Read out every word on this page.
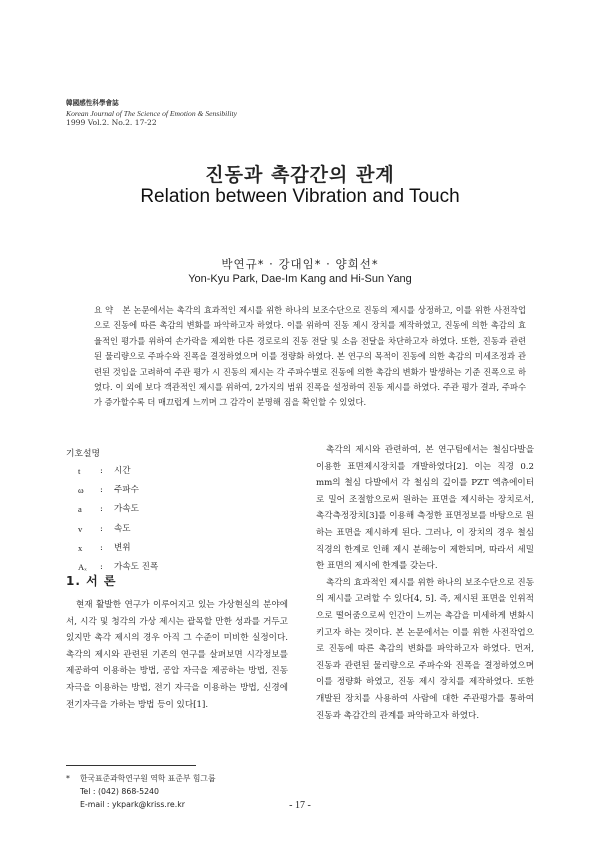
韓國感性科學會誌
Korean Journal of The Science of Emotion & Sensibility
1999 Vol.2. No.2. 17-22
진동과 촉감간의 관계
Relation between Vibration and Touch
박연규* · 강대임* · 양희선*
Yon-Kyu Park, Dae-Im Kang and Hi-Sun Yang
요 약 본 논문에서는 촉각의 효과적인 제시를 위한 하나의 보조수단으로 진동의 제시를 상정하고, 이를 위한 사전작업으로 진동에 따른 촉감의 변화를 파악하고자 하였다. 이를 위하여 진동 제시 장치를 제작하였고, 진동에 의한 촉감의 효율적인 평가를 위하여 손가락을 제외한 다른 경로로의 진동 전달 및 소음 전달을 차단하고자 하였다. 또한, 진동과 관련된 물리량으로 주파수와 진폭을 결정하였으며 이를 정량화 하였다. 본 연구의 목적이 진동에 의한 촉감의 미세조정과 관련된 것임을 고려하여 주관 평가 시 진동의 제시는 각 주파수별로 진동에 의한 촉감의 변화가 발생하는 기준 진폭으로 하였다. 이 외에 보다 객관적인 제시를 위하여, 2가지의 범위 진폭을 설정하여 진동 제시를 하였다. 주관 평가 결과, 주파수가 증가할수록 더 매끄럽게 느끼며 그 감각이 분명해 짐을 확인할 수 있었다.
기호설명
t	:	시간
ω	:	주파수
a	:	가속도
v	:	속도
x	:	변위
Aₓ	:	가속도 진폭
1. 서 론

현재 활발한 연구가 이루어지고 있는 가상현실의 분야에서, 시각 및 청각의 가상 제시는 괄목할 만한 성과를 거두고 있지만 촉각 제시의 경우 아직 그 수준이 미비한 실정이다. 촉각의 제시와 관련된 기존의 연구를 살펴보면 시각정보를 제공하여 이용하는 방법, 공압 자극을 제공하는 방법, 진동자극을 이용하는 방법, 전기 자극을 이용하는 방법, 신경에 전기자극을 가하는 방법 등이 있다[1].

촉각의 제시와 관련하여, 본 연구팀에서는 철심다발을 이용한 표면제시장치를 개발하였다[2]. 이는 직경 0.2 mm의 철심 다발에서 각 철심의 깊이를 PZT 엑츄에이터로 밀어 조절함으로써 원하는 표면을 제시하는 장치로서, 촉각측정장치[3]를 이용해 측정한 표면정보를 바탕으로 원하는 표면을 제시하게 된다. 그러나, 이 장치의 경우 철심 직경의 한계로 인해 제시 분해능이 제한되며, 따라서 세밀한 표면의 제시에 한계를 갖는다.

촉각의 효과적인 제시를 위한 하나의 보조수단으로 진동의 제시를 고려할 수 있다[4, 5]. 즉, 제시된 표면을 인위적으로 떨어줌으로써 인간이 느끼는 촉감을 미세하게 변화시키고자 하는 것이다. 본 논문에서는 이를 위한 사전작업으로 진동에 따른 촉감의 변화를 파악하고자 하였다. 먼저, 진동과 관련된 물리량으로 주파수와 진폭을 결정하였으며 이를 정량화 하였고, 진동 제시 장치를 제작하였다. 또한 개발된 장치를 사용하여 사람에 대한 주관평가를 통하여 진동과 촉감간의 관계를 파악하고자 하였다.

* 한국표준과학연구원 역학 표준부 힘그룹
Tel : (042) 868-5240
E-mail : ykpark@kriss.re.kr	- 17 -
